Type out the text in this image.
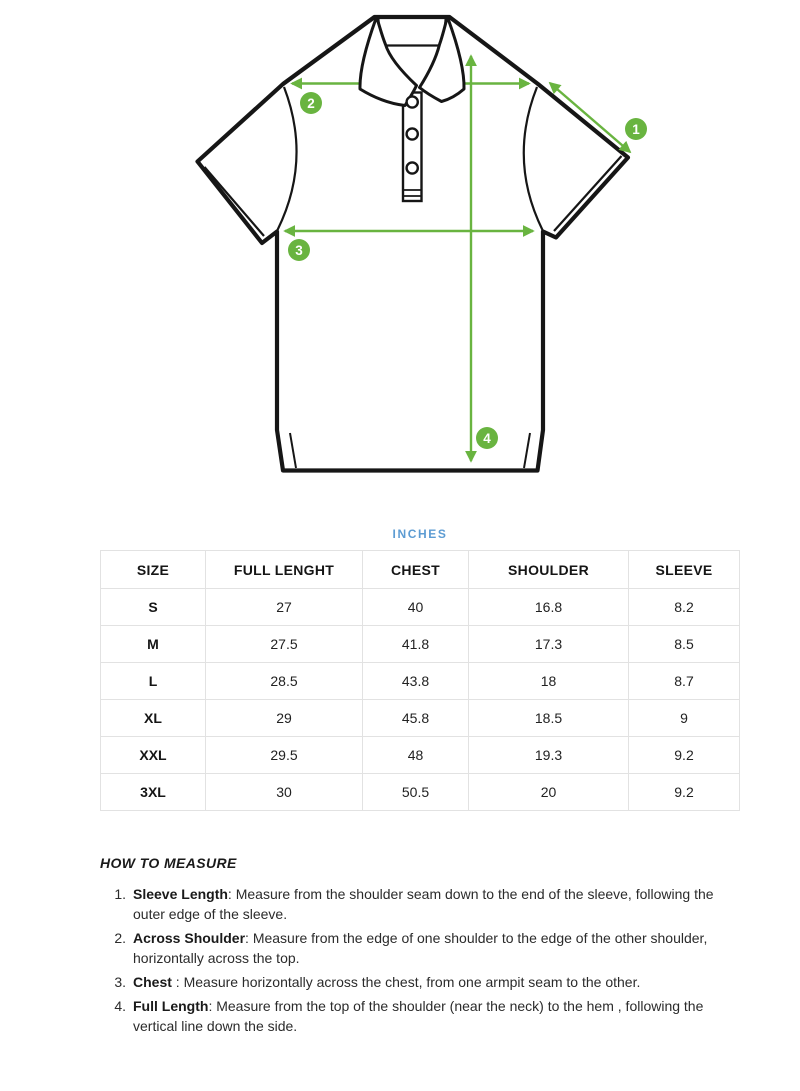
1
2
3
4
INCHES
SIZE	FULL LENGHT	CHEST	SHOULDER	SLEEVE
S	27	40	16.8	8.2
M	27.5	41.8	17.3	8.5
L	28.5	43.8	18	8.7
XL	29	45.8	18.5	9
XXL	29.5	48	19.3	9.2
3XL	30	50.5	20	9.2
HOW TO MEASURE
1. Sleeve Length: Measure from the shoulder seam down to the end of the sleeve, following the outer edge of the sleeve.
2. Across Shoulder: Measure from the edge of one shoulder to the edge of the other shoulder, horizontally across the top.
3. Chest : Measure horizontally across the chest, from one armpit seam to the other.
4. Full Length: Measure from the top of the shoulder (near the neck) to the hem , following the vertical line down the side.
